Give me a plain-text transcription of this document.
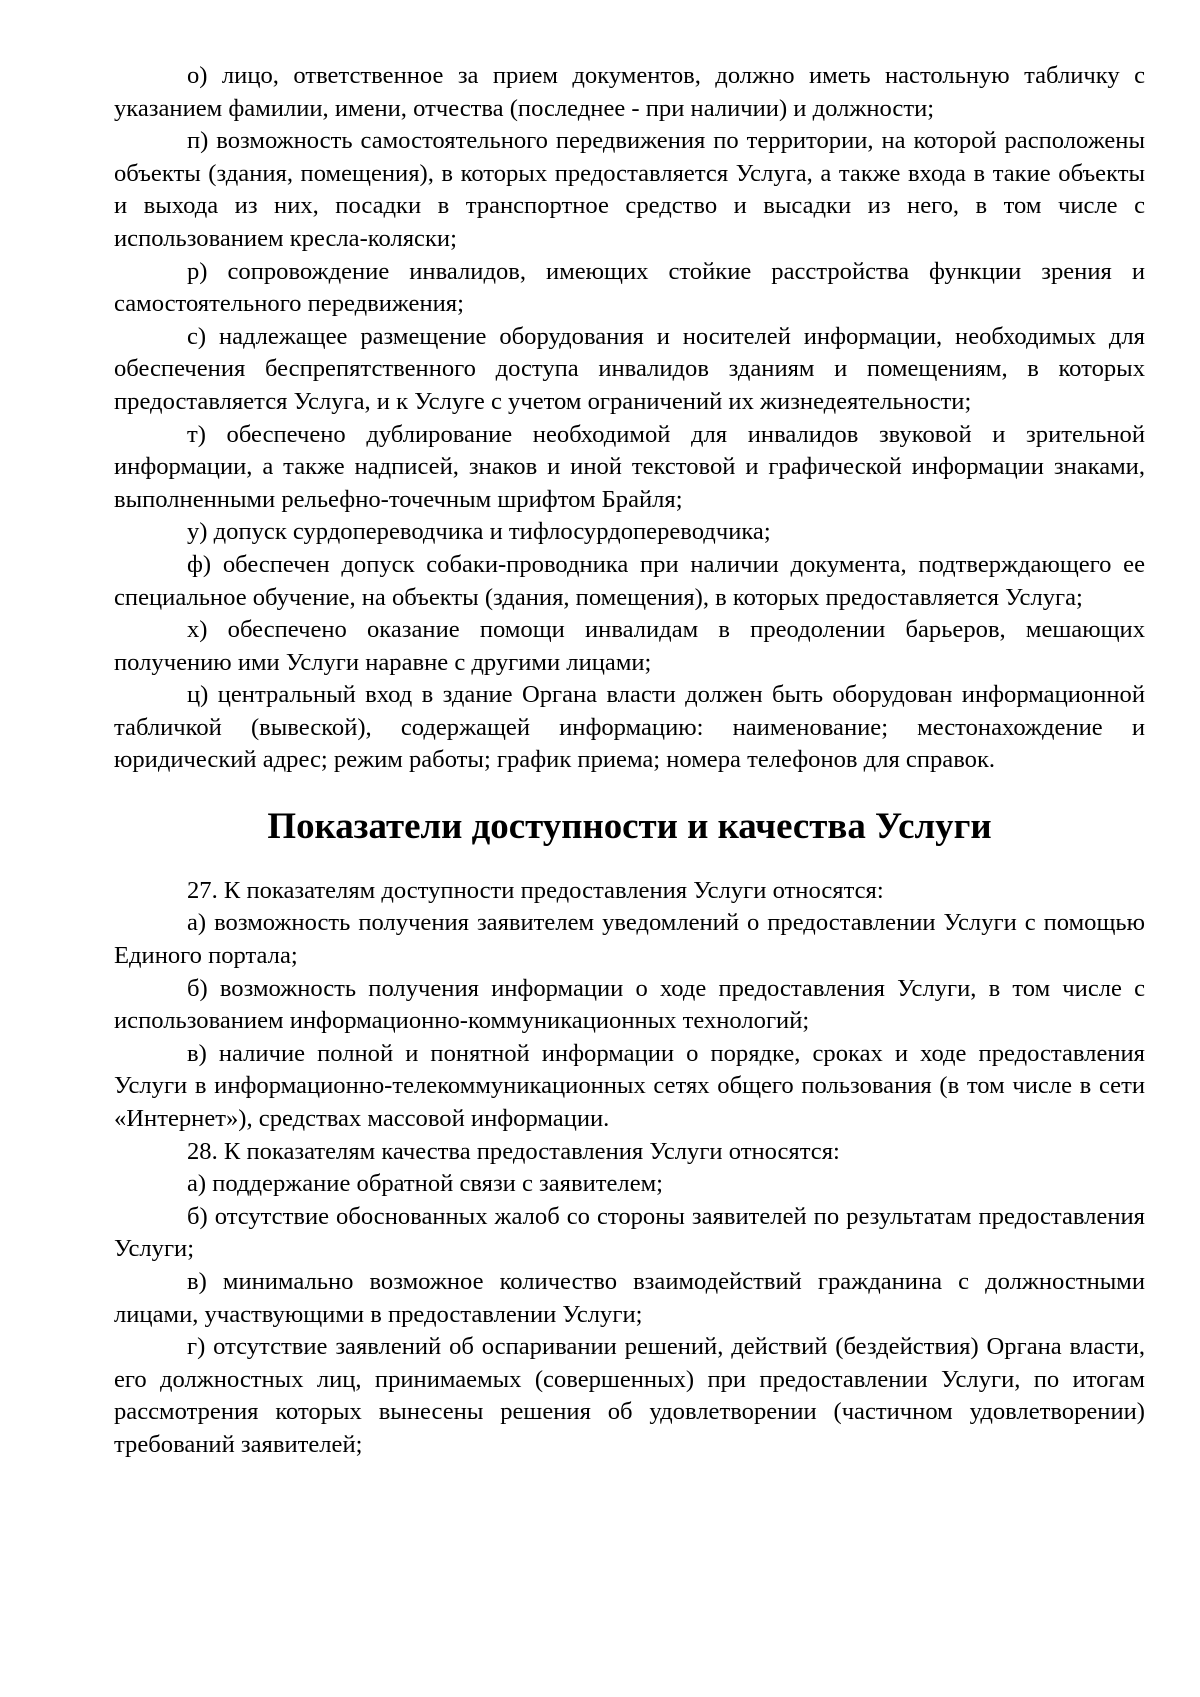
о) лицо, ответственное за прием документов, должно иметь настольную табличку с указанием фамилии, имени, отчества (последнее - при наличии) и должности;

п) возможность самостоятельного передвижения по территории, на которой расположены объекты (здания, помещения), в которых предоставляется Услуга, а также входа в такие объекты и выхода из них, посадки в транспортное средство и высадки из него, в том числе с использованием кресла-коляски;

р) сопровождение инвалидов, имеющих стойкие расстройства функции зрения и самостоятельного передвижения;

с) надлежащее размещение оборудования и носителей информации, необходимых для обеспечения беспрепятственного доступа инвалидов зданиям и помещениям, в которых предоставляется Услуга, и к Услуге с учетом ограничений их жизнедеятельности;

т) обеспечено дублирование необходимой для инвалидов звуковой и зрительной информации, а также надписей, знаков и иной текстовой и графической информации знаками, выполненными рельефно-точечным шрифтом Брайля;

у) допуск сурдопереводчика и тифлосурдопереводчика;

ф) обеспечен допуск собаки-проводника при наличии документа, подтверждающего ее специальное обучение, на объекты (здания, помещения), в которых предоставляется Услуга;

х) обеспечено оказание помощи инвалидам в преодолении барьеров, мешающих получению ими Услуги наравне с другими лицами;

ц) центральный вход в здание Органа власти должен быть оборудован информационной табличкой (вывеской), содержащей информацию: наименование; местонахождение и юридический адрес; режим работы; график приема; номера телефонов для справок.

Показатели доступности и качества Услуги

27. К показателям доступности предоставления Услуги относятся:

а) возможность получения заявителем уведомлений о предоставлении Услуги с помощью Единого портала;

б) возможность получения информации о ходе предоставления Услуги, в том числе с использованием информационно-коммуникационных технологий;

в) наличие полной и понятной информации о порядке, сроках и ходе предоставления Услуги в информационно-телекоммуникационных сетях общего пользования (в том числе в сети «Интернет»), средствах массовой информации.

28. К показателям качества предоставления Услуги относятся:

а) поддержание обратной связи с заявителем;

б) отсутствие обоснованных жалоб со стороны заявителей по результатам предоставления Услуги;

в) минимально возможное количество взаимодействий гражданина с должностными лицами, участвующими в предоставлении Услуги;

г) отсутствие заявлений об оспаривании решений, действий (бездействия) Органа власти, его должностных лиц, принимаемых (совершенных) при предоставлении Услуги, по итогам рассмотрения которых вынесены решения об удовлетворении (частичном удовлетворении) требований заявителей;
